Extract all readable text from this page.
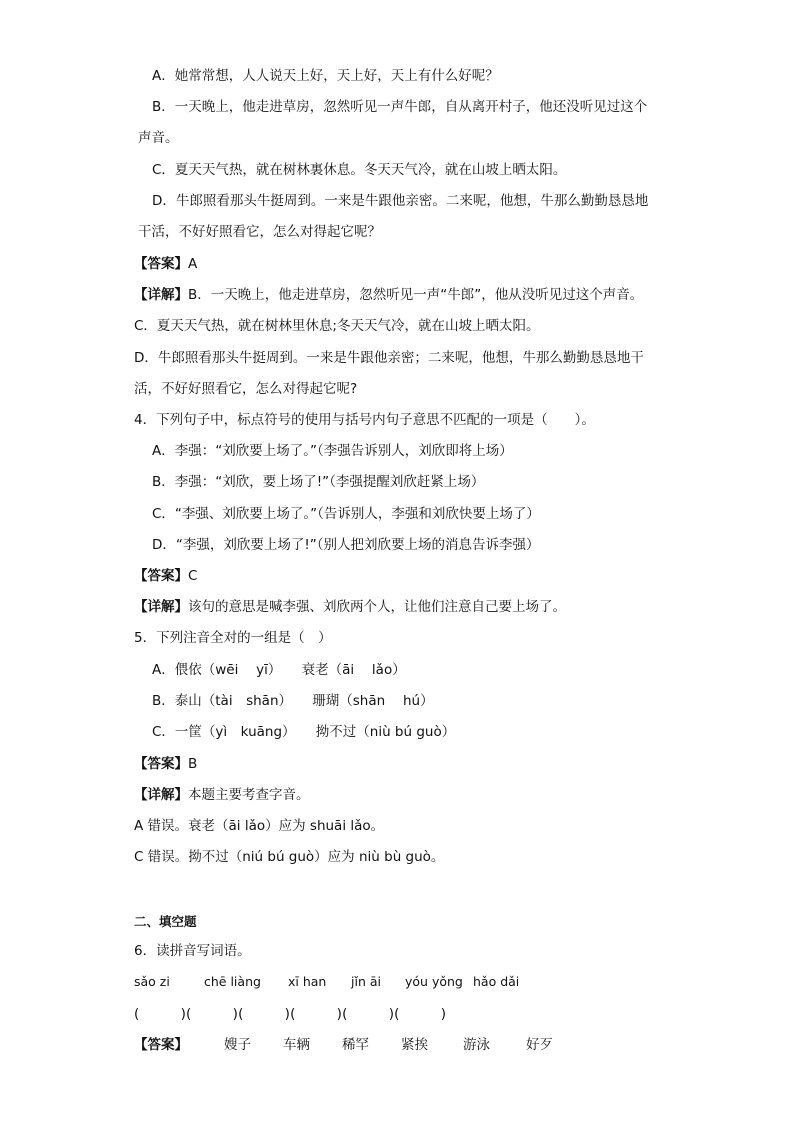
A．她常常想，人人说天上好，天上好，天上有什么好呢？
B．一天晚上，他走进草房，忽然听见一声牛郎，自从离开村子，他还没听见过这个
声音。
C．夏天天气热，就在树林裏休息。冬天天气冷，就在山坡上晒太阳。
D．牛郎照看那头牛挺周到。一来是牛跟他亲密。二来呢，他想，牛那么勤勤恳恳地
干活，不好好照看它，怎么对得起它呢？
【答案】A
【详解】B．一天晚上，他走进草房，忽然听见一声“牛郎”，他从没听见过这个声音。
C．夏天天气热，就在树林里休息;冬天天气冷，就在山坡上晒太阳。
D．牛郎照看那头牛挺周到。一来是牛跟他亲密；二来呢，他想，牛那么勤勤恳恳地干
活，不好好照看它，怎么对得起它呢?
4．下列句子中，标点符号的使用与括号内句子意思不匹配的一项是（　　）。
A．李强：“刘欣要上场了。”（李强告诉别人，刘欣即将上场）
B．李强：“刘欣，要上场了!”（李强提醒刘欣赶紧上场）
C．“李强、刘欣要上场了。”（告诉别人，李强和刘欣快要上场了）
D．“李强，刘欣要上场了!”（别人把刘欣要上场的消息告诉李强）
【答案】C
【详解】该句的意思是喊李强、刘欣两个人，让他们注意自己要上场了。
5．下列注音全对的一组是（　）
A．偎依（wēi　 yī）　　衰老（āi　 lǎo）
B．泰山（tài　shān）　　珊瑚（shān　 hú）
C．一筐（yì　kuāng）　　拗不过（niù bú guò）
【答案】B
【详解】本题主要考查字音。
A 错误。衰老（āi lǎo）应为 shuāi lǎo。
C 错误。拗不过（niú bú guò）应为 niù bù guò。
二、填空题
6．读拼音写词语。
sǎo zi	chē liàng xī han jǐn āi yóu yǒng hǎo dǎi
(　　　)(　　　)(　　　)(　　　)(　　　)(　　　)
【答案】	嫂子 车辆 稀罕 紧挨	游泳	好歹
